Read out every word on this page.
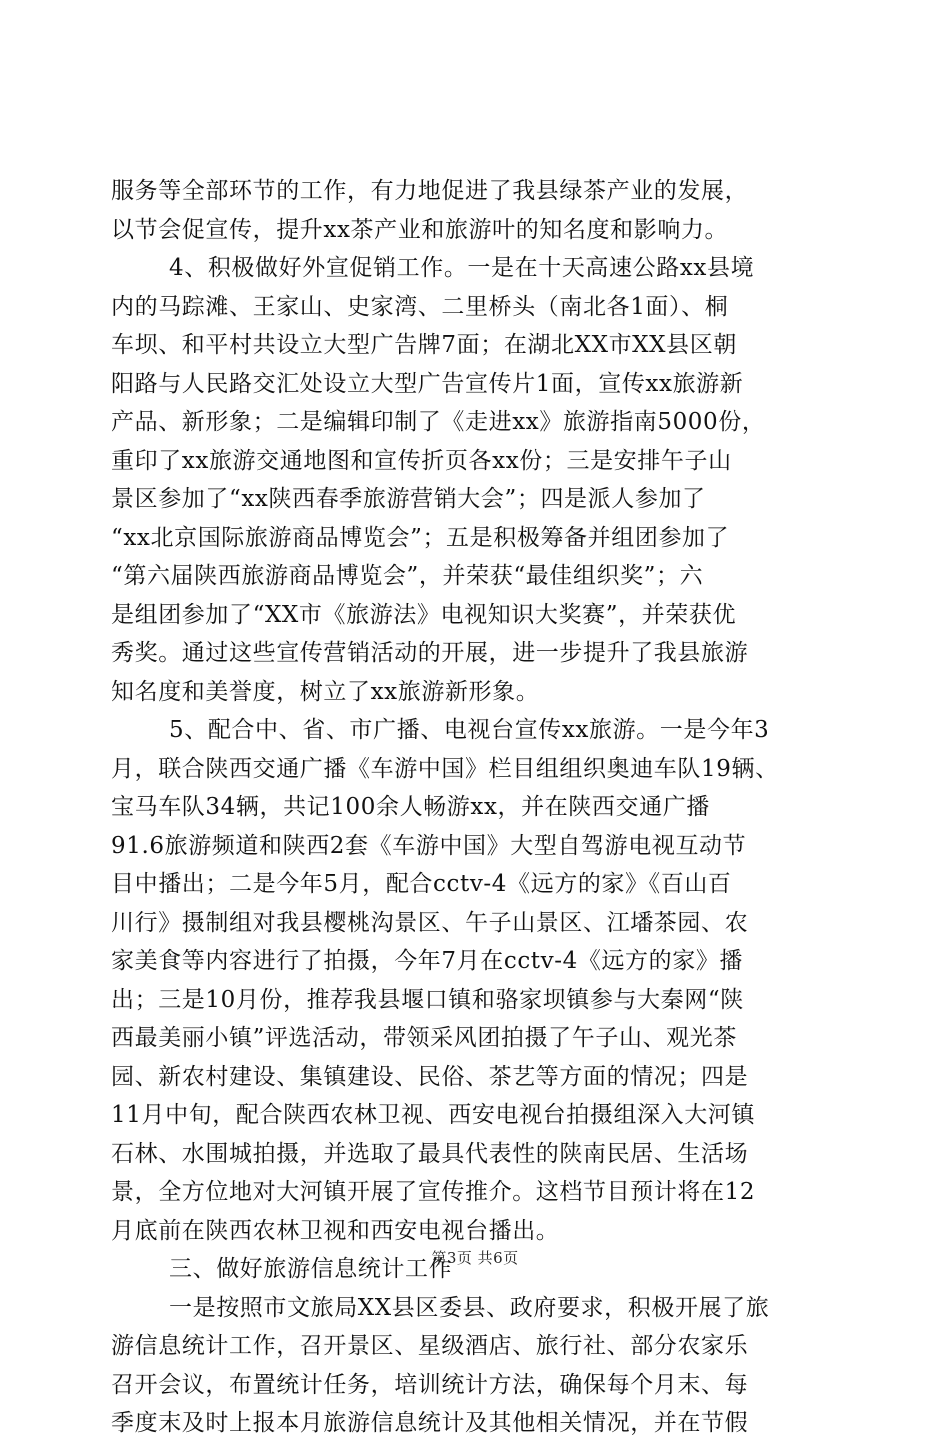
服务等全部环节的工作，有力地促进了我县绿茶产业的发展，
以节会促宣传，提升xx茶产业和旅游叶的知名度和影响力。
4、积极做好外宣促销工作。一是在十天高速公路xx县境
内的马踪滩、王家山、史家湾、二里桥头（南北各1面）、桐
车坝、和平村共设立大型广告牌7面；在湖北XX市XX县区朝
阳路与人民路交汇处设立大型广告宣传片1面，宣传xx旅游新
产品、新形象；二是编辑印制了《走进xx》旅游指南5000份，
重印了xx旅游交通地图和宣传折页各xx份；三是安排午子山
景区参加了“xx陕西春季旅游营销大会”；四是派人参加了
“xx北京国际旅游商品博览会”；五是积极筹备并组团参加了
“第六届陕西旅游商品博览会”，并荣获“最佳组织奖”；六
是组团参加了“XX市《旅游法》电视知识大奖赛”，并荣获优
秀奖。通过这些宣传营销活动的开展，进一步提升了我县旅游
知名度和美誉度，树立了xx旅游新形象。
5、配合中、省、市广播、电视台宣传xx旅游。一是今年3
月，联合陕西交通广播《车游中国》栏目组组织奥迪车队19辆、
宝马车队34辆，共记100余人畅游xx，并在陕西交通广播
91.6旅游频道和陕西2套《车游中国》大型自驾游电视互动节
目中播出；二是今年5月，配合cctv-4《远方的家》《百山百
川行》摄制组对我县樱桃沟景区、午子山景区、江墦茶园、农
家美食等内容进行了拍摄，今年7月在cctv-4《远方的家》播
出；三是10月份，推荐我县堰口镇和骆家坝镇参与大秦网“陕
西最美丽小镇”评选活动，带领采风团拍摄了午子山、观光茶
园、新农村建设、集镇建设、民俗、茶艺等方面的情况；四是
11月中旬，配合陕西农林卫视、西安电视台拍摄组深入大河镇
石林、水围城拍摄，并选取了最具代表性的陕南民居、生活场
景，全方位地对大河镇开展了宣传推介。这档节目预计将在12
月底前在陕西农林卫视和西安电视台播出。
三、做好旅游信息统计工作
一是按照市文旅局XX县区委县、政府要求，积极开展了旅
游信息统计工作，召开景区、星级酒店、旅行社、部分农家乐
召开会议，布置统计任务，培训统计方法，确保每个月末、每
季度末及时上报本月旅游信息统计及其他相关情况，并在节假
第3页 共6页
